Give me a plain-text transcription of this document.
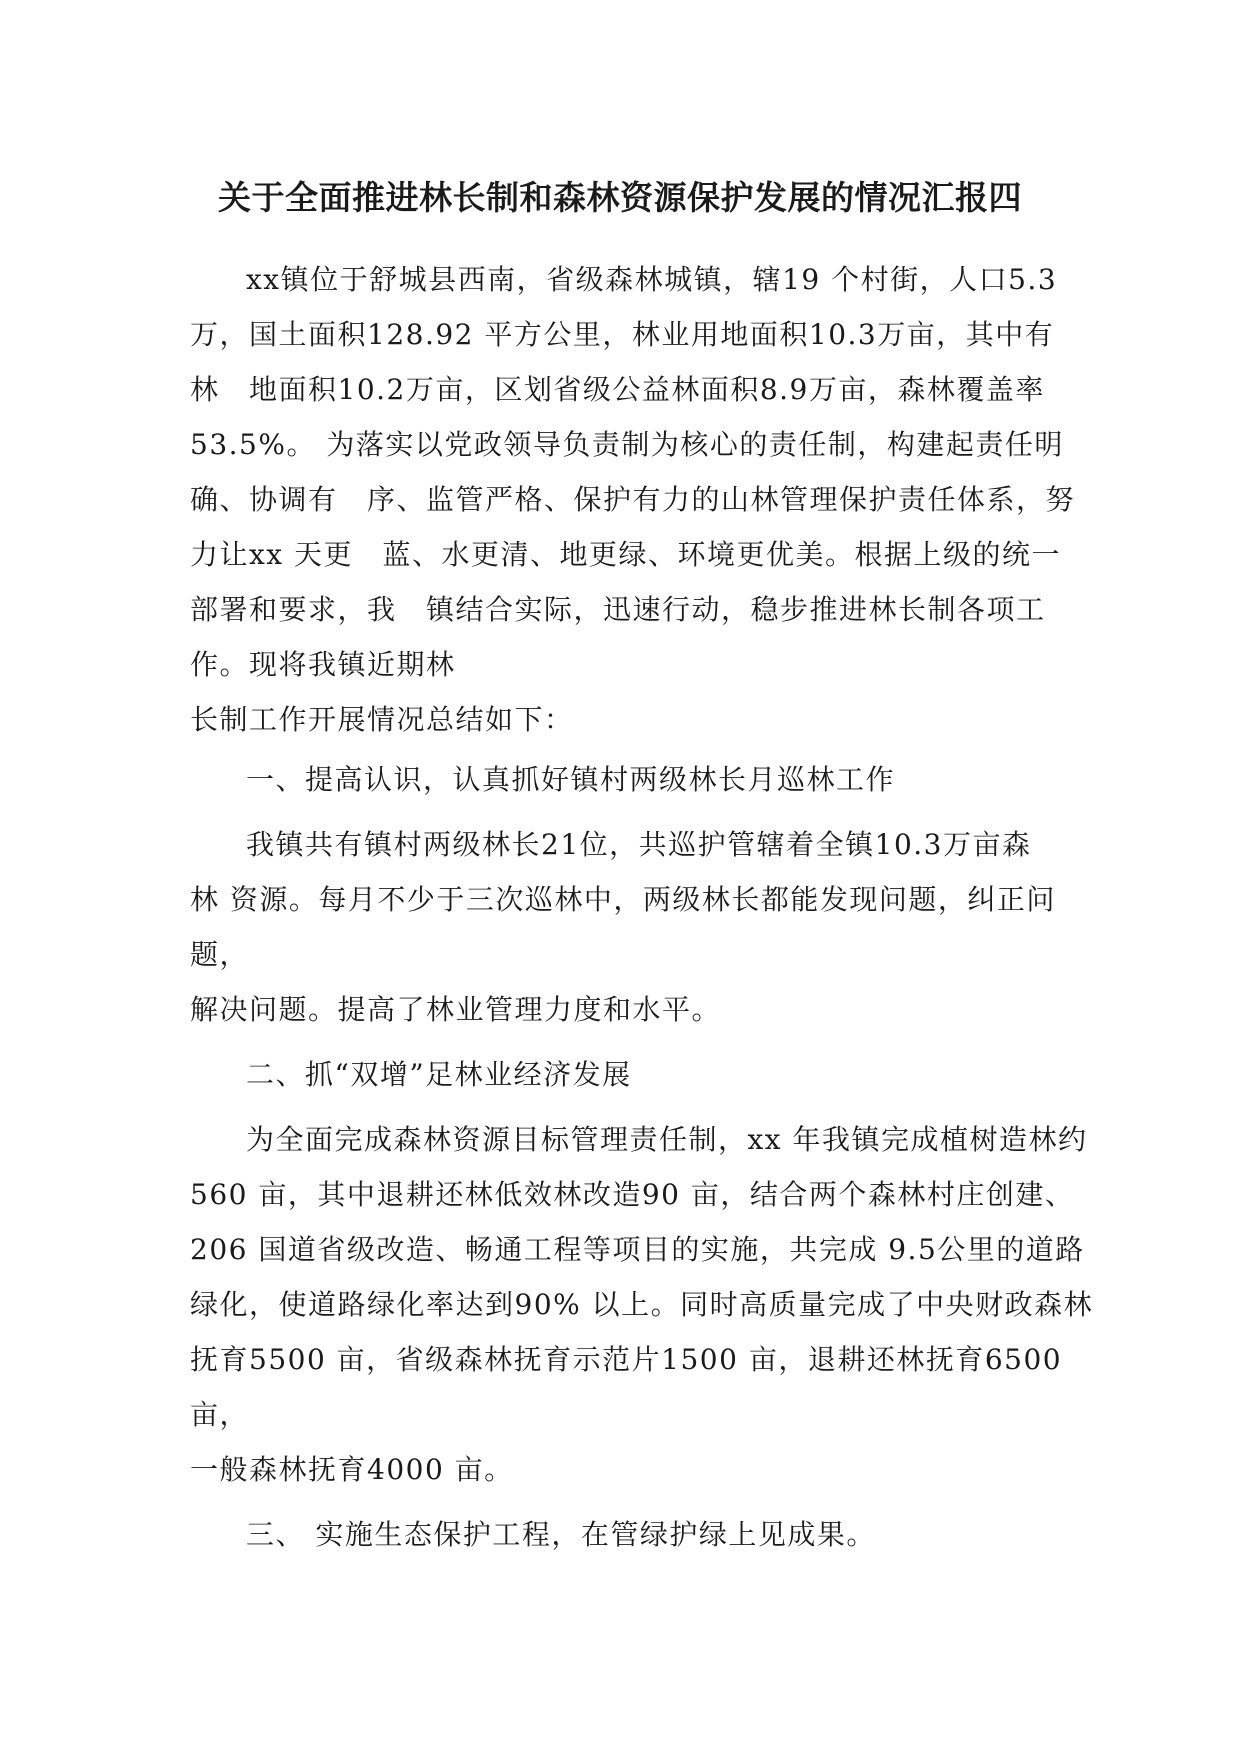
关于全面推进林长制和森林资源保护发展的情况汇报四

xx镇位于舒城县西南，省级森林城镇，辖19 个村街，人口5.3

万，国土面积128.92 平方公里，林业用地面积10.3万亩，其中有

林　地面积10.2万亩，区划省级公益林面积8.9万亩，森林覆盖率

53.5%。 为落实以党政领导负责制为核心的责任制，构建起责任明

确、协调有　序、监管严格、保护有力的山林管理保护责任体系，努

力让xx 天更　蓝、水更清、地更绿、环境更优美。根据上级的统一

部署和要求，我　镇结合实际，迅速行动，稳步推进林长制各项工

作。现将我镇近期林

长制工作开展情况总结如下：

一、提高认识，认真抓好镇村两级林长月巡林工作

我镇共有镇村两级林长21位，共巡护管辖着全镇10.3万亩森

林 资源。每月不少于三次巡林中，两级林长都能发现问题，纠正问

题，

解决问题。提高了林业管理力度和水平。

二、抓“双增”足林业经济发展

为全面完成森林资源目标管理责任制，xx 年我镇完成植树造林约

560 亩，其中退耕还林低效林改造90 亩，结合两个森林村庄创建、

206 国道省级改造、畅通工程等项目的实施，共完成 9.5公里的道路

绿化，使道路绿化率达到90% 以上。同时高质量完成了中央财政森林

抚育5500 亩，省级森林抚育示范片1500 亩，退耕还林抚育6500

亩，

一般森林抚育4000 亩。

三、 实施生态保护工程，在管绿护绿上见成果。
